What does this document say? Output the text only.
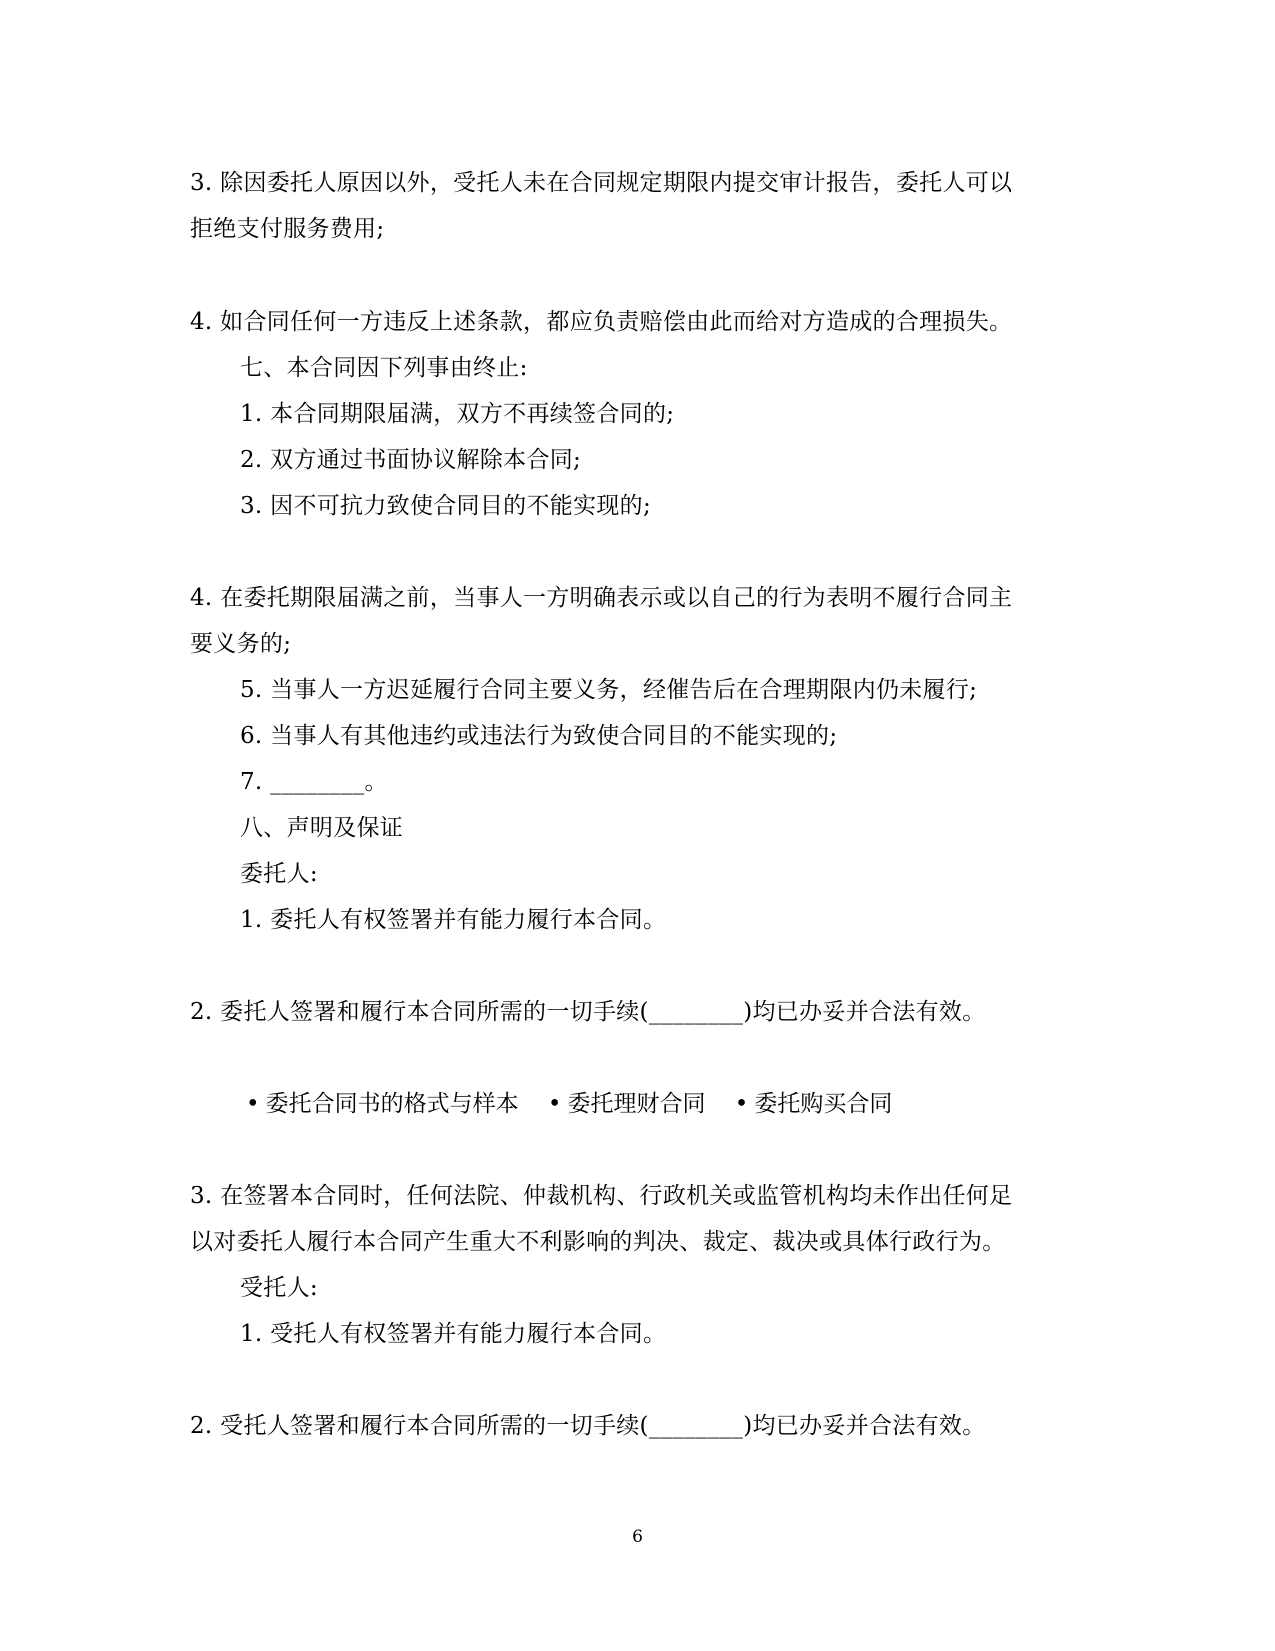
3. 除因委托人原因以外，受托人未在合同规定期限内提交审计报告，委托人可以
拒绝支付服务费用;
4. 如合同任何一方违反上述条款，都应负责赔偿由此而给对方造成的合理损失。
七、本合同因下列事由终止:
1. 本合同期限届满，双方不再续签合同的;
2. 双方通过书面协议解除本合同;
3. 因不可抗力致使合同目的不能实现的;
4. 在委托期限届满之前，当事人一方明确表示或以自己的行为表明不履行合同主
要义务的;
5. 当事人一方迟延履行合同主要义务，经催告后在合理期限内仍未履行;
6. 当事人有其他违约或违法行为致使合同目的不能实现的;
7. ________。
八、声明及保证
委托人:
1. 委托人有权签署并有能力履行本合同。
2. 委托人签署和履行本合同所需的一切手续(________)均已办妥并合法有效。
• 委托合同书的格式与样本 • 委托理财合同 • 委托购买合同
3. 在签署本合同时，任何法院、仲裁机构、行政机关或监管机构均未作出任何足
以对委托人履行本合同产生重大不利影响的判决、裁定、裁决或具体行政行为。
受托人:
1. 受托人有权签署并有能力履行本合同。
2. 受托人签署和履行本合同所需的一切手续(________)均已办妥并合法有效。
6
